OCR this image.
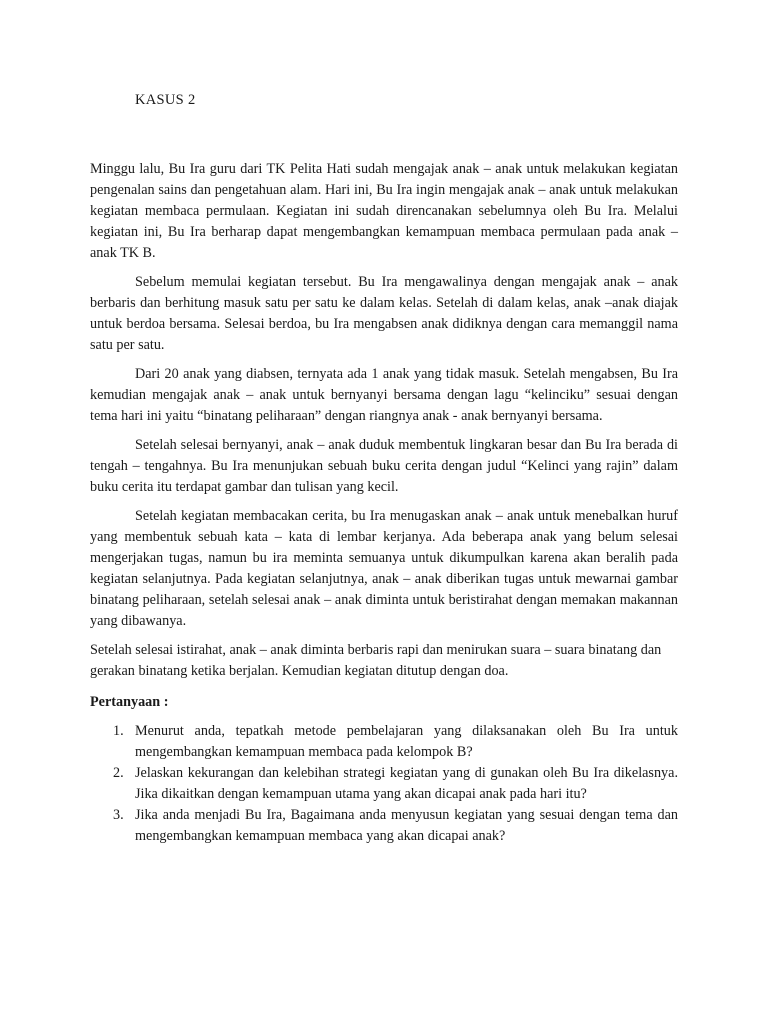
KASUS 2

Minggu lalu, Bu Ira guru dari TK Pelita Hati sudah mengajak anak – anak untuk melakukan kegiatan pengenalan sains dan pengetahuan alam. Hari ini, Bu Ira ingin mengajak anak – anak untuk melakukan kegiatan membaca permulaan. Kegiatan ini sudah direncanakan sebelumnya oleh Bu Ira. Melalui kegiatan ini, Bu Ira berharap dapat mengembangkan kemampuan membaca permulaan pada anak – anak TK B.

Sebelum memulai kegiatan tersebut. Bu Ira mengawalinya dengan mengajak anak – anak berbaris dan berhitung masuk satu per satu ke dalam kelas. Setelah di dalam kelas, anak –anak diajak untuk berdoa bersama. Selesai berdoa, bu Ira mengabsen anak didiknya dengan cara memanggil nama satu per satu.

Dari 20 anak yang diabsen, ternyata ada 1 anak yang tidak masuk. Setelah mengabsen, Bu Ira kemudian mengajak anak – anak untuk bernyanyi bersama dengan lagu “kelinciku” sesuai dengan tema hari ini yaitu “binatang peliharaan” dengan riangnya anak - anak bernyanyi bersama.

Setelah selesai bernyanyi, anak – anak duduk membentuk lingkaran besar dan Bu Ira berada di tengah – tengahnya. Bu Ira menunjukan sebuah buku cerita dengan judul “Kelinci yang rajin” dalam buku cerita itu terdapat gambar dan tulisan yang kecil.

Setelah kegiatan membacakan cerita, bu Ira menugaskan anak – anak untuk menebalkan huruf yang membentuk sebuah kata – kata di lembar kerjanya. Ada beberapa anak yang belum selesai mengerjakan tugas, namun bu ira meminta semuanya untuk dikumpulkan karena akan beralih pada kegiatan selanjutnya. Pada kegiatan selanjutnya, anak – anak diberikan tugas untuk mewarnai gambar binatang peliharaan, setelah selesai anak – anak diminta untuk beristirahat dengan memakan makannan yang dibawanya.

Setelah selesai istirahat, anak – anak diminta berbaris rapi dan menirukan suara – suara binatang dan gerakan binatang ketika berjalan. Kemudian kegiatan ditutup dengan doa.

Pertanyaan :
1. Menurut anda, tepatkah metode pembelajaran yang dilaksanakan oleh Bu Ira untuk mengembangkan kemampuan membaca pada kelompok B?
2. Jelaskan kekurangan dan kelebihan strategi kegiatan yang di gunakan oleh Bu Ira dikelasnya. Jika dikaitkan dengan kemampuan utama yang akan dicapai anak pada hari itu?
3. Jika anda menjadi Bu Ira, Bagaimana anda menyusun kegiatan yang sesuai dengan tema dan mengembangkan kemampuan membaca yang akan dicapai anak?
